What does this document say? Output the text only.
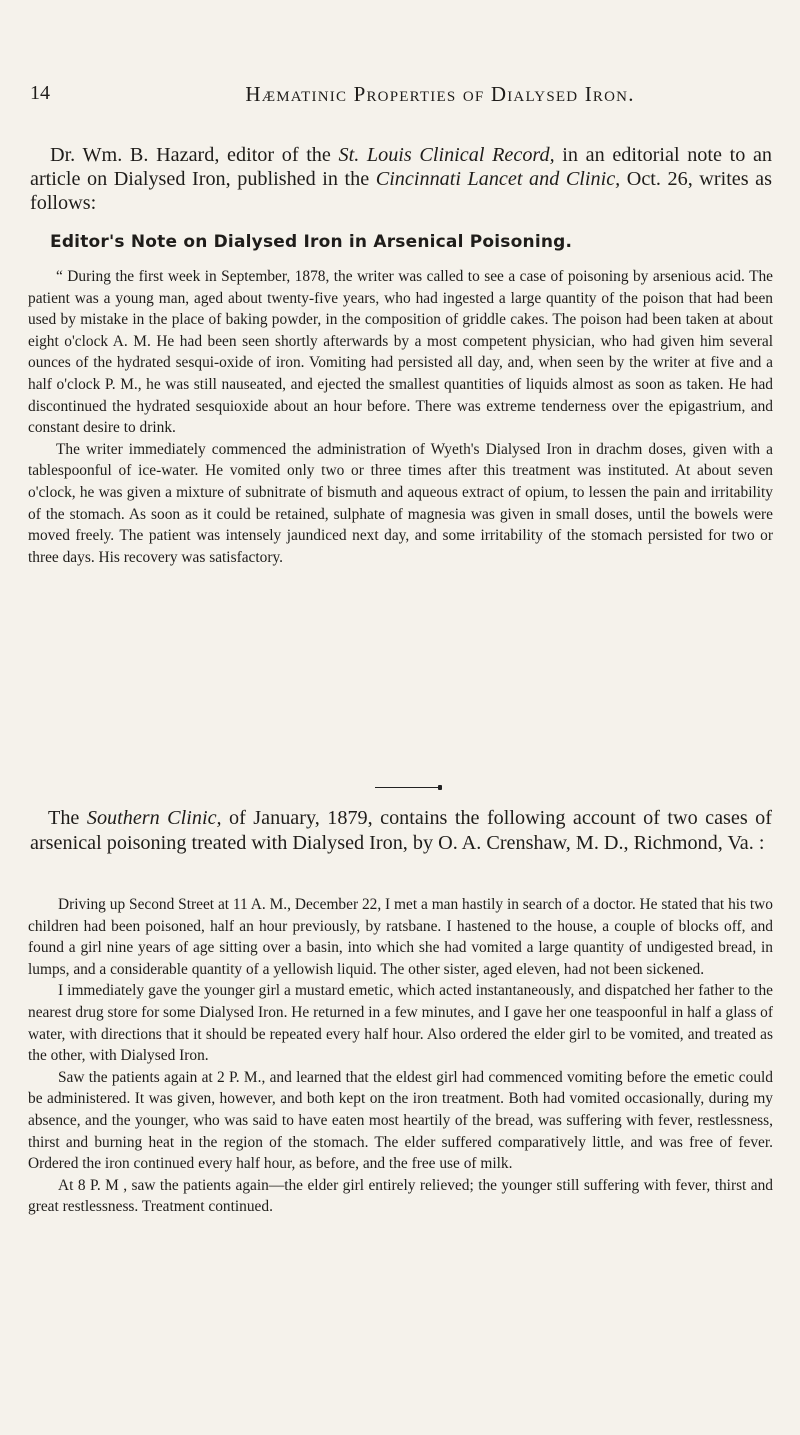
14	Hæmatinic Properties of Dialysed Iron.

Dr. Wm. B. Hazard, editor of the St. Louis Clinical Record, in an editorial note to an article on Dialysed Iron, published in the Cincinnati Lancet and Clinic, Oct. 26, writes as follows:

Editor's Note on Dialysed Iron in Arsenical Poisoning.

“ During the first week in September, 1878, the writer was called to see a case of poisoning by arsenious acid. The patient was a young man, aged about twenty-five years, who had ingested a large quantity of the poison that had been used by mistake in the place of baking powder, in the composition of griddle cakes. The poison had been taken at about eight o'clock A. M. He had been seen shortly afterwards by a most competent physician, who had given him several ounces of the hydrated sesqui-oxide of iron. Vomiting had persisted all day, and, when seen by the writer at five and a half o'clock P. M., he was still nauseated, and ejected the smallest quantities of liquids almost as soon as taken. He had discontinued the hydrated sesquioxide about an hour before. There was extreme tenderness over the epigastrium, and constant desire to drink.

The writer immediately commenced the administration of Wyeth's Dialysed Iron in drachm doses, given with a tablespoonful of ice-water. He vomited only two or three times after this treatment was instituted. At about seven o'clock, he was given a mixture of subnitrate of bismuth and aqueous extract of opium, to lessen the pain and irritability of the stomach. As soon as it could be retained, sulphate of magnesia was given in small doses, until the bowels were moved freely. The patient was intensely jaundiced next day, and some irritability of the stomach persisted for two or three days. His recovery was satisfactory.

The Southern Clinic, of January, 1879, contains the following account of two cases of arsenical poisoning treated with Dialysed Iron, by O. A. Crenshaw, M. D., Richmond, Va. :

Driving up Second Street at 11 A. M., December 22, I met a man hastily in search of a doctor. He stated that his two children had been poisoned, half an hour previously, by ratsbane. I hastened to the house, a couple of blocks off, and found a girl nine years of age sitting over a basin, into which she had vomited a large quantity of undigested bread, in lumps, and a considerable quantity of a yellowish liquid. The other sister, aged eleven, had not been sickened.

I immediately gave the younger girl a mustard emetic, which acted instantaneously, and dispatched her father to the nearest drug store for some Dialysed Iron. He returned in a few minutes, and I gave her one teaspoonful in half a glass of water, with directions that it should be repeated every half hour. Also ordered the elder girl to be vomited, and treated as the other, with Dialysed Iron.

Saw the patients again at 2 P. M., and learned that the eldest girl had commenced vomiting before the emetic could be administered. It was given, however, and both kept on the iron treatment. Both had vomited occasionally, during my absence, and the younger, who was said to have eaten most heartily of the bread, was suffering with fever, restlessness, thirst and burning heat in the region of the stomach. The elder suffered comparatively little, and was free of fever. Ordered the iron continued every half hour, as before, and the free use of milk.

At 8 P. M , saw the patients again—the elder girl entirely relieved; the younger still suffering with fever, thirst and great restlessness. Treatment continued.
